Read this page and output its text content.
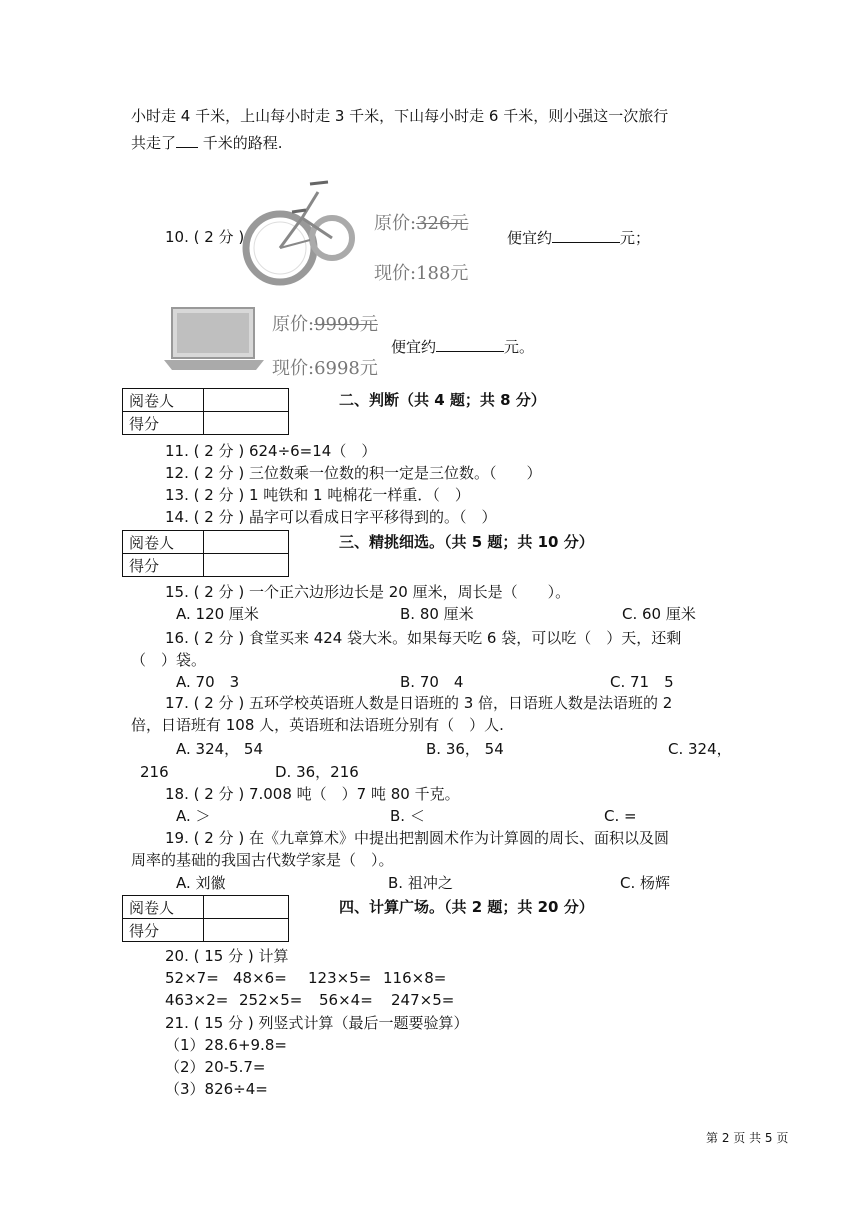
小时走 4 千米，上山每小时走 3 千米，下山每小时走 6 千米，则小强这一次旅行
共走了 千米的路程.
10. ( 2 分 )
原价:326元
现价:188元
便宜约	元；
原价:9999元
现价:6998元
便宜约	元。
阅卷人	
得分	
二、判断（共 4 题；共 8 分）
11. ( 2 分 ) 624÷6=14（　）
12. ( 2 分 ) 三位数乘一位数的积一定是三位数。（　　）
13. ( 2 分 ) 1 吨铁和 1 吨棉花一样重．（　）
14. ( 2 分 ) 晶字可以看成日字平移得到的。（　）
阅卷人	
得分	
三、精挑细选。（共 5 题；共 10 分）
15. ( 2 分 ) 一个正六边形边长是 20 厘米，周长是（　　）。
A. 120 厘米	B. 80 厘米	C. 60 厘米
16. ( 2 分 ) 食堂买来 424 袋大米。如果每天吃 6 袋，可以吃（　）天，还剩
（　）袋。
A. 70　3	B. 70　4	C. 71　5
17. ( 2 分 ) 五环学校英语班人数是日语班的 3 倍，日语班人数是法语班的 2
倍，日语班有 108 人，英语班和法语班分别有（　）人.
A. 324， 54	B. 36， 54	C. 324，
216	D. 36，216
18. ( 2 分 ) 7.008 吨（　）7 吨 80 千克。
A. ＞	B. ＜	C. =
19. ( 2 分 ) 在《九章算术》中提出把割圆术作为计算圆的周长、面积以及圆
周率的基础的我国古代数学家是（　）。
A. 刘徽	B. 祖冲之	C. 杨辉
阅卷人	
得分	
四、计算广场。（共 2 题；共 20 分）
20. ( 15 分 ) 计算
52×7= 48×6= 123×5= 116×8=
463×2= 252×5= 56×4= 247×5=
21. ( 15 分 ) 列竖式计算（最后一题要验算）
（1）28.6+9.8=
（2）20-5.7=
（3）826÷4=
第 2 页 共 5 页
